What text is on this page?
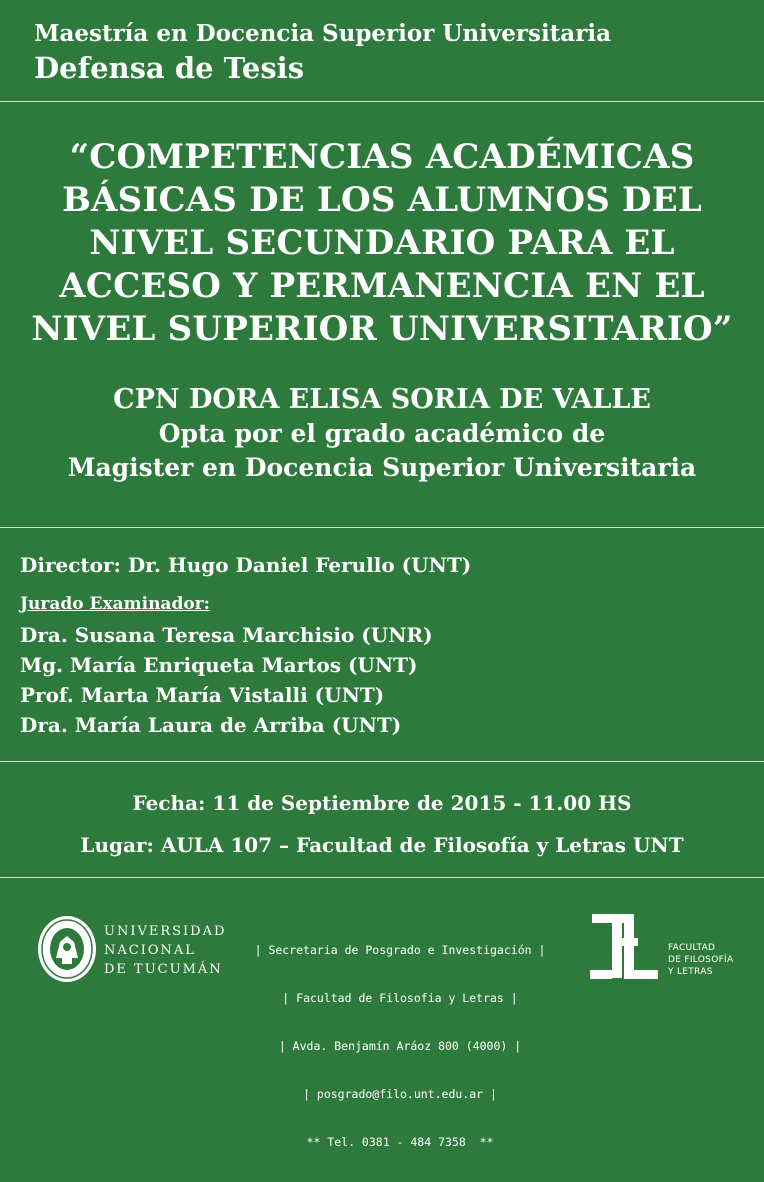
Maestría en Docencia Superior Universitaria
Defensa de Tesis
“COMPETENCIAS ACADÉMICAS
BÁSICAS DE LOS ALUMNOS DEL
NIVEL SECUNDARIO PARA EL
ACCESO Y PERMANENCIA EN EL
NIVEL SUPERIOR UNIVERSITARIO”
CPN DORA ELISA SORIA DE VALLE
Opta por el grado académico de
Magister en Docencia Superior Universitaria
Director: Dr. Hugo Daniel Ferullo (UNT)
Jurado Examinador:
Dra. Susana Teresa Marchisio (UNR)
Mg. María Enriqueta Martos (UNT)
Prof. Marta María Vistalli (UNT)
Dra. María Laura de Arriba (UNT)
Fecha: 11 de Septiembre de 2015 - 11.00 HS
Lugar: AULA 107 – Facultad de Filosofía y Letras UNT
UNIVERSIDAD
NACIONAL
DE TUCUMÁN

| Secretaria de Posgrado e Investigación |

| Facultad de Filosofia y Letras |

| Avda. Benjamín Aráoz 800 (4000) |

| posgrado@filo.unt.edu.ar |

** Tel. 0381 - 484 7358  **

FACULTAD
DE FILOSOFÍA
Y LETRAS
